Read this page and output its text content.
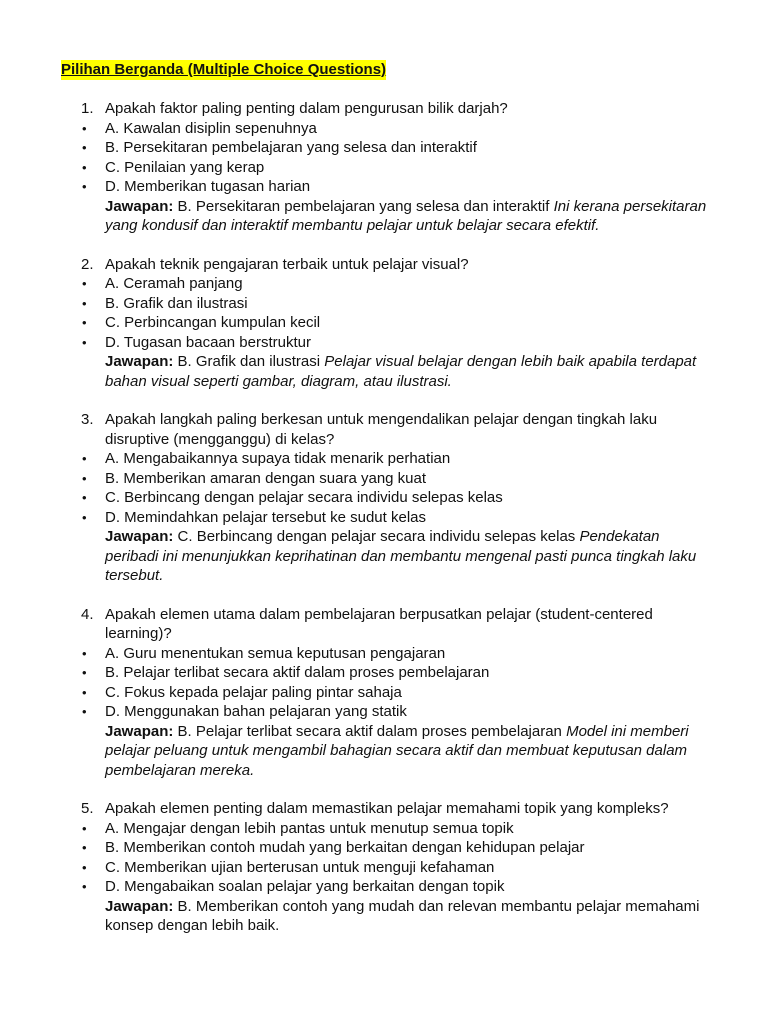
Pilihan Berganda (Multiple Choice Questions)
1. Apakah faktor paling penting dalam pengurusan bilik darjah?
•	A. Kawalan disiplin sepenuhnya
•	B. Persekitaran pembelajaran yang selesa dan interaktif
•	C. Penilaian yang kerap
•	D. Memberikan tugasan harian
Jawapan: B. Persekitaran pembelajaran yang selesa dan interaktif Ini kerana persekitaran yang kondusif dan interaktif membantu pelajar untuk belajar secara efektif.
2. Apakah teknik pengajaran terbaik untuk pelajar visual?
•	A. Ceramah panjang
•	B. Grafik dan ilustrasi
•	C. Perbincangan kumpulan kecil
•	D. Tugasan bacaan berstruktur
Jawapan: B. Grafik dan ilustrasi Pelajar visual belajar dengan lebih baik apabila terdapat bahan visual seperti gambar, diagram, atau ilustrasi.
3. Apakah langkah paling berkesan untuk mengendalikan pelajar dengan tingkah laku disruptive (mengganggu) di kelas?
•	A. Mengabaikannya supaya tidak menarik perhatian
•	B. Memberikan amaran dengan suara yang kuat
•	C. Berbincang dengan pelajar secara individu selepas kelas
•	D. Memindahkan pelajar tersebut ke sudut kelas
Jawapan: C. Berbincang dengan pelajar secara individu selepas kelas Pendekatan peribadi ini menunjukkan keprihatinan dan membantu mengenal pasti punca tingkah laku tersebut.
4. Apakah elemen utama dalam pembelajaran berpusatkan pelajar (student-centered learning)?
•	A. Guru menentukan semua keputusan pengajaran
•	B. Pelajar terlibat secara aktif dalam proses pembelajaran
•	C. Fokus kepada pelajar paling pintar sahaja
•	D. Menggunakan bahan pelajaran yang statik
Jawapan: B. Pelajar terlibat secara aktif dalam proses pembelajaran Model ini memberi pelajar peluang untuk mengambil bahagian secara aktif dan membuat keputusan dalam pembelajaran mereka.
5. Apakah elemen penting dalam memastikan pelajar memahami topik yang kompleks?
•	A. Mengajar dengan lebih pantas untuk menutup semua topik
•	B. Memberikan contoh mudah yang berkaitan dengan kehidupan pelajar
•	C. Memberikan ujian berterusan untuk menguji kefahaman
•	D. Mengabaikan soalan pelajar yang berkaitan dengan topik
Jawapan: B. Memberikan contoh yang mudah dan relevan membantu pelajar memahami konsep dengan lebih baik.
